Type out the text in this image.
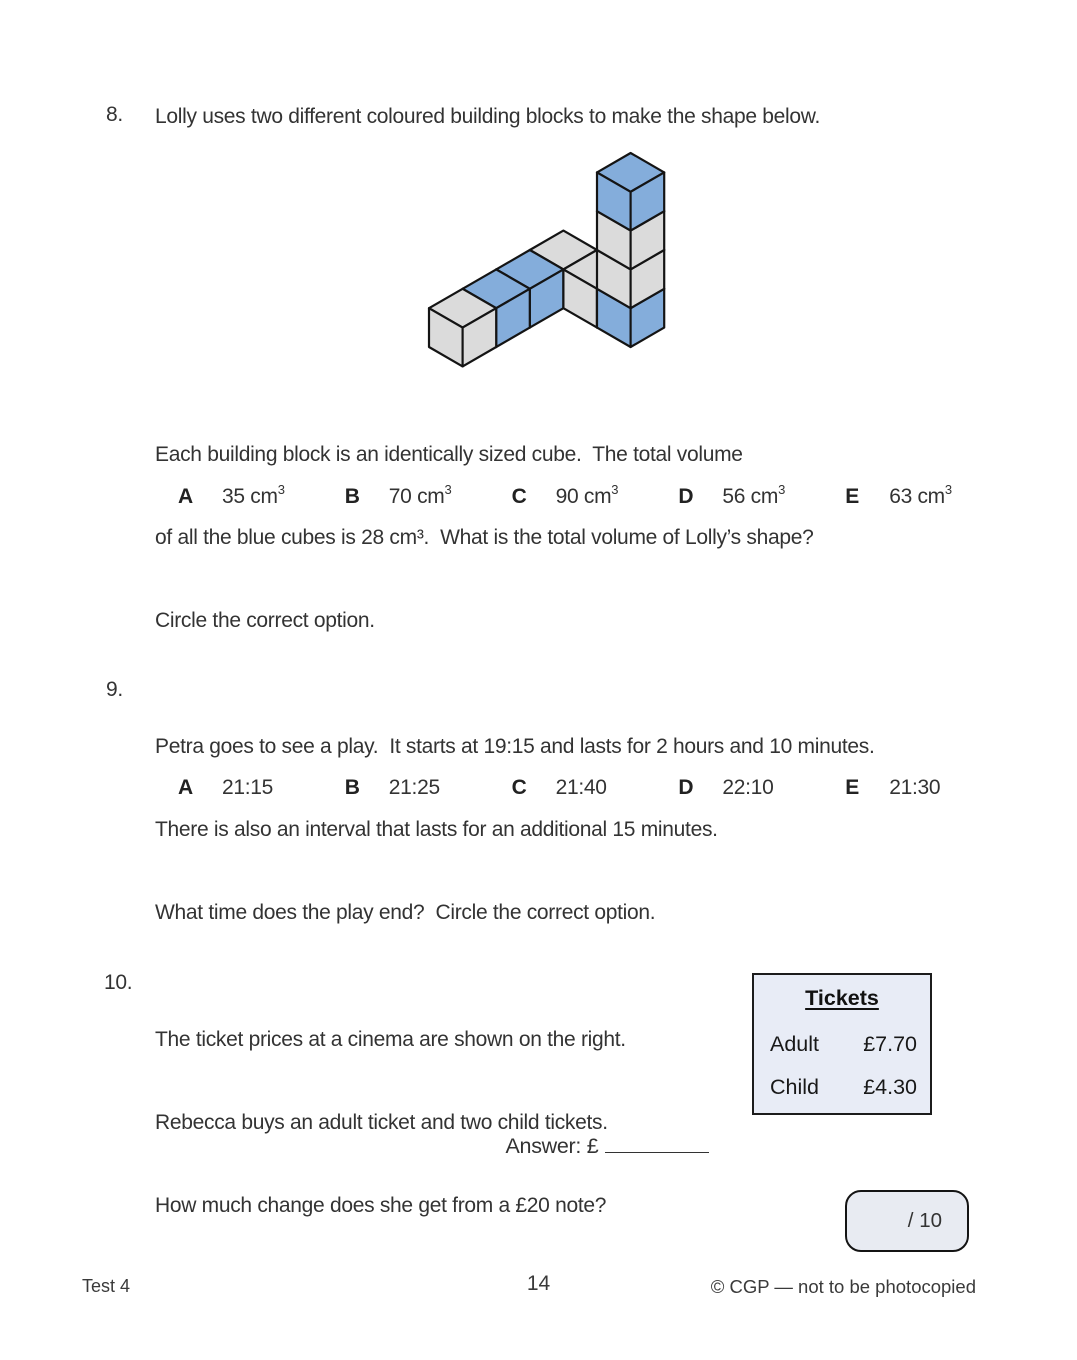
8. Lolly uses two different coloured building blocks to make the shape below.

Each building block is an identically sized cube.  The total volume

of all the blue cubes is 28 cm³.  What is the total volume of Lolly’s shape?

Circle the correct option.

A 35 $cm^3$	B 70 $cm^3$	C 90 $cm^3$	D 56 $cm^3$	E 63 $cm^3$
9.

Petra goes to see a play.  It starts at 19:15 and lasts for 2 hours and 10 minutes.

There is also an interval that lasts for an additional 15 minutes.

What time does the play end?  Circle the correct option.

A 21:15	B 21:25	C 21:40	D 22:10	E 21:30
10.

The ticket prices at a cinema are shown on the right.

Rebecca buys an adult ticket and two child tickets.

How much change does she get from a £20 note?

Tickets
Adult £7.70
Child £4.30

Answer: £

/ 10
Test 4	14	© CGP — not to be photocopied
